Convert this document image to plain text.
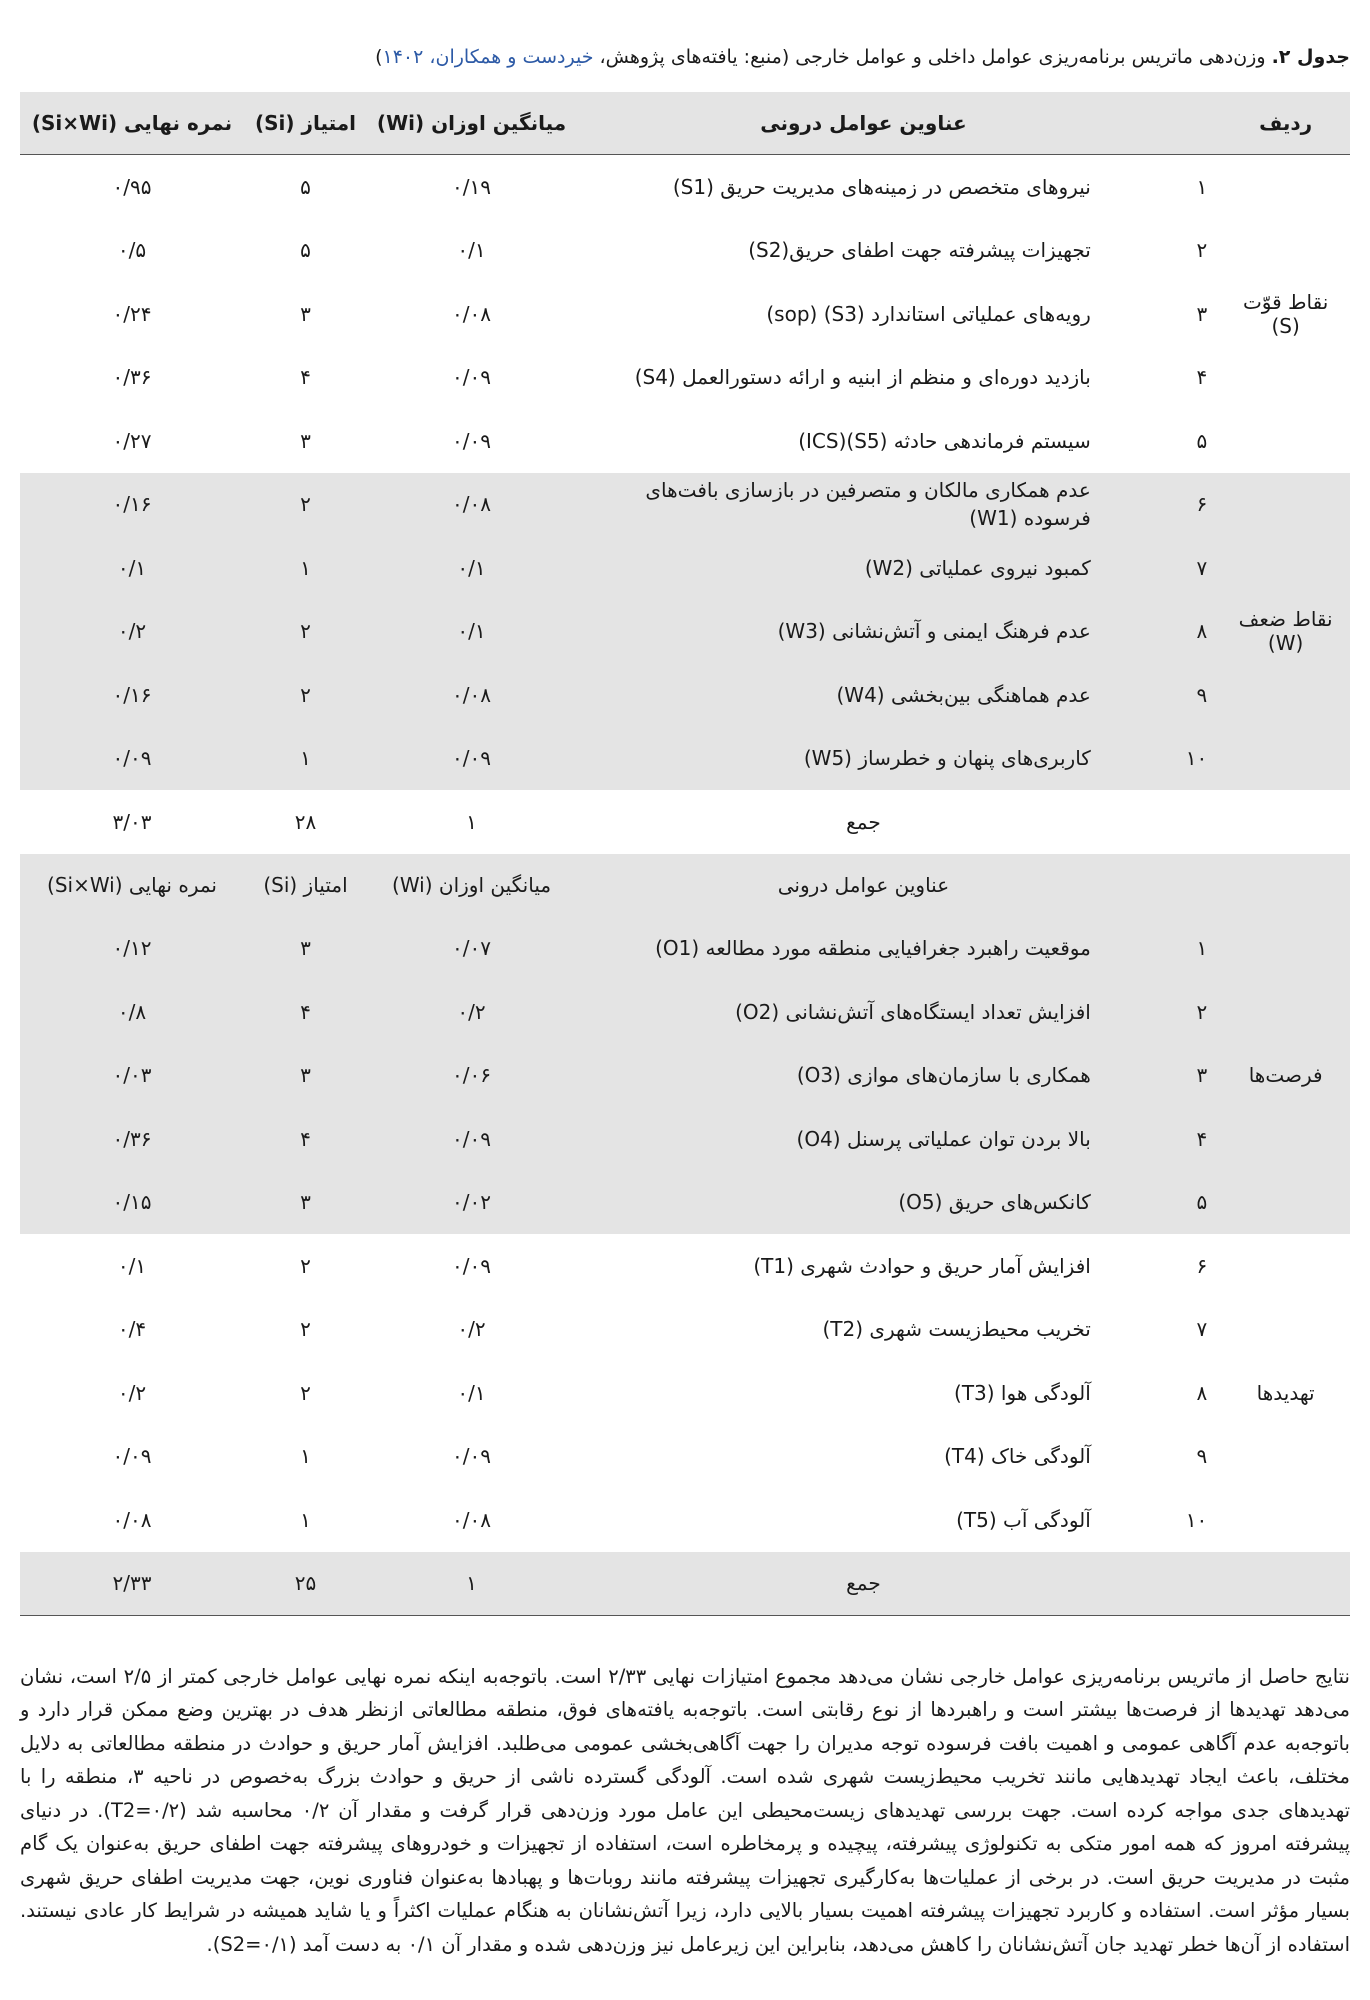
جدول ۲. وزن‌دهی ماتریس برنامه‌ریزی عوامل داخلی و عوامل خارجی (منبع: یافته‌های پژوهش، خیردست و همکاران، ۱۴۰۲)
ردیف		عناوین عوامل درونی	میانگین اوزان (Wi)	امتیاز (Si)	نمره نهایی (Si×Wi)
نقاط قوّت (S)	۱	نیروهای متخصص در زمینه‌های مدیریت حریق (S1)	۰/۱۹	۵	۰/۹۵
	۲	تجهیزات پیشرفته جهت اطفای حریق(S2)	۰/۱	۵	۰/۵
	۳	رویه‌های عملیاتی استاندارد (S3) (sop)	۰/۰۸	۳	۰/۲۴
	۴	بازدید دوره‌ای و منظم از ابنیه و ارائه دستورالعمل (S4)	۰/۰۹	۴	۰/۳۶
	۵	سیستم فرماندهی حادثه (S5)(ICS)	۰/۰۹	۳	۰/۲۷
نقاط ضعف (W)	۶	عدم همکاری مالکان و متصرفین در بازسازی بافت‌های فرسوده (W1)	۰/۰۸	۲	۰/۱۶
	۷	کمبود نیروی عملیاتی (W2)	۰/۱	۱	۰/۱
	۸	عدم فرهنگ ایمنی و آتش‌نشانی (W3)	۰/۱	۲	۰/۲
	۹	عدم هماهنگی بین‌بخشی (W4)	۰/۰۸	۲	۰/۱۶
	۱۰	کاربری‌های پنهان و خطرساز (W5)	۰/۰۹	۱	۰/۰۹
		جمع	۱	۲۸	۳/۰۳
		عناوین عوامل درونی	میانگین اوزان (Wi)	امتیاز (Si)	نمره نهایی (Si×Wi)
فرصت‌ها	۱	موقعیت راهبرد جغرافیایی منطقه مورد مطالعه (O1)	۰/۰۷	۳	۰/۱۲
	۲	افزایش تعداد ایستگاه‌های آتش‌نشانی (O2)	۰/۲	۴	۰/۸
	۳	همکاری با سازمان‌های موازی (O3)	۰/۰۶	۳	۰/۰۳
	۴	بالا بردن توان عملیاتی پرسنل (O4)	۰/۰۹	۴	۰/۳۶
	۵	کانکس‌های حریق (O5)	۰/۰۲	۳	۰/۱۵
تهدیدها	۶	افزایش آمار حریق و حوادث شهری (T1)	۰/۰۹	۲	۰/۱
	۷	تخریب محیط‌زیست شهری (T2)	۰/۲	۲	۰/۴
	۸	آلودگی هوا (T3)	۰/۱	۲	۰/۲
	۹	آلودگی خاک (T4)	۰/۰۹	۱	۰/۰۹
	۱۰	آلودگی آب (T5)	۰/۰۸	۱	۰/۰۸
		جمع	۱	۲۵	۲/۳۳

نتایج حاصل از ماتریس برنامه‌ریزی عوامل خارجی نشان می‌دهد مجموع امتیازات نهایی ۲/۳۳ است. باتوجه‌به اینکه نمره نهایی عوامل خارجی کمتر از ۲/۵ است، نشان می‌دهد تهدیدها از فرصت‌ها بیشتر است و راهبردها از نوع رقابتی است. باتوجه‌به یافته‌های فوق، منطقه مطالعاتی ازنظر هدف در بهترین وضع ممکن قرار دارد و باتوجه‌به عدم آگاهی عمومی و اهمیت بافت فرسوده توجه مدیران را جهت آگاهی‌بخشی عمومی می‌طلبد. افزایش آمار حریق و حوادث در منطقه مطالعاتی به دلایل مختلف، باعث ایجاد تهدیدهایی مانند تخریب محیط‌زیست شهری شده است. آلودگی گسترده ناشی از حریق و حوادث بزرگ به‌خصوص در ناحیه ۳، منطقه را با تهدیدهای جدی مواجه کرده است. جهت بررسی تهدیدهای زیست‌محیطی این عامل مورد وزن‌دهی قرار گرفت و مقدار آن ۰/۲ محاسبه شد (T2=۰/۲). در دنیای پیشرفته امروز که همه امور متکی به تکنولوژی پیشرفته، پیچیده و پرمخاطره است، استفاده از تجهیزات و خودروهای پیشرفته جهت اطفای حریق به‌عنوان یک گام مثبت در مدیریت حریق است. در برخی از عملیات‌ها به‌کارگیری تجهیزات پیشرفته مانند روبات‌ها و پهبادها به‌عنوان فناوری نوین، جهت مدیریت اطفای حریق شهری بسیار مؤثر است. استفاده و کاربرد تجهیزات پیشرفته اهمیت بسیار بالایی دارد، زیرا آتش‌نشانان به هنگام عملیات اکثراً و یا شاید همیشه در شرایط کار عادی نیستند. استفاده از آن‌ها خطر تهدید جان آتش‌نشانان را کاهش می‌دهد، بنابراین این زیرعامل نیز وزن‌دهی شده و مقدار آن ۰/۱ به دست آمد (S2=۰/۱).
